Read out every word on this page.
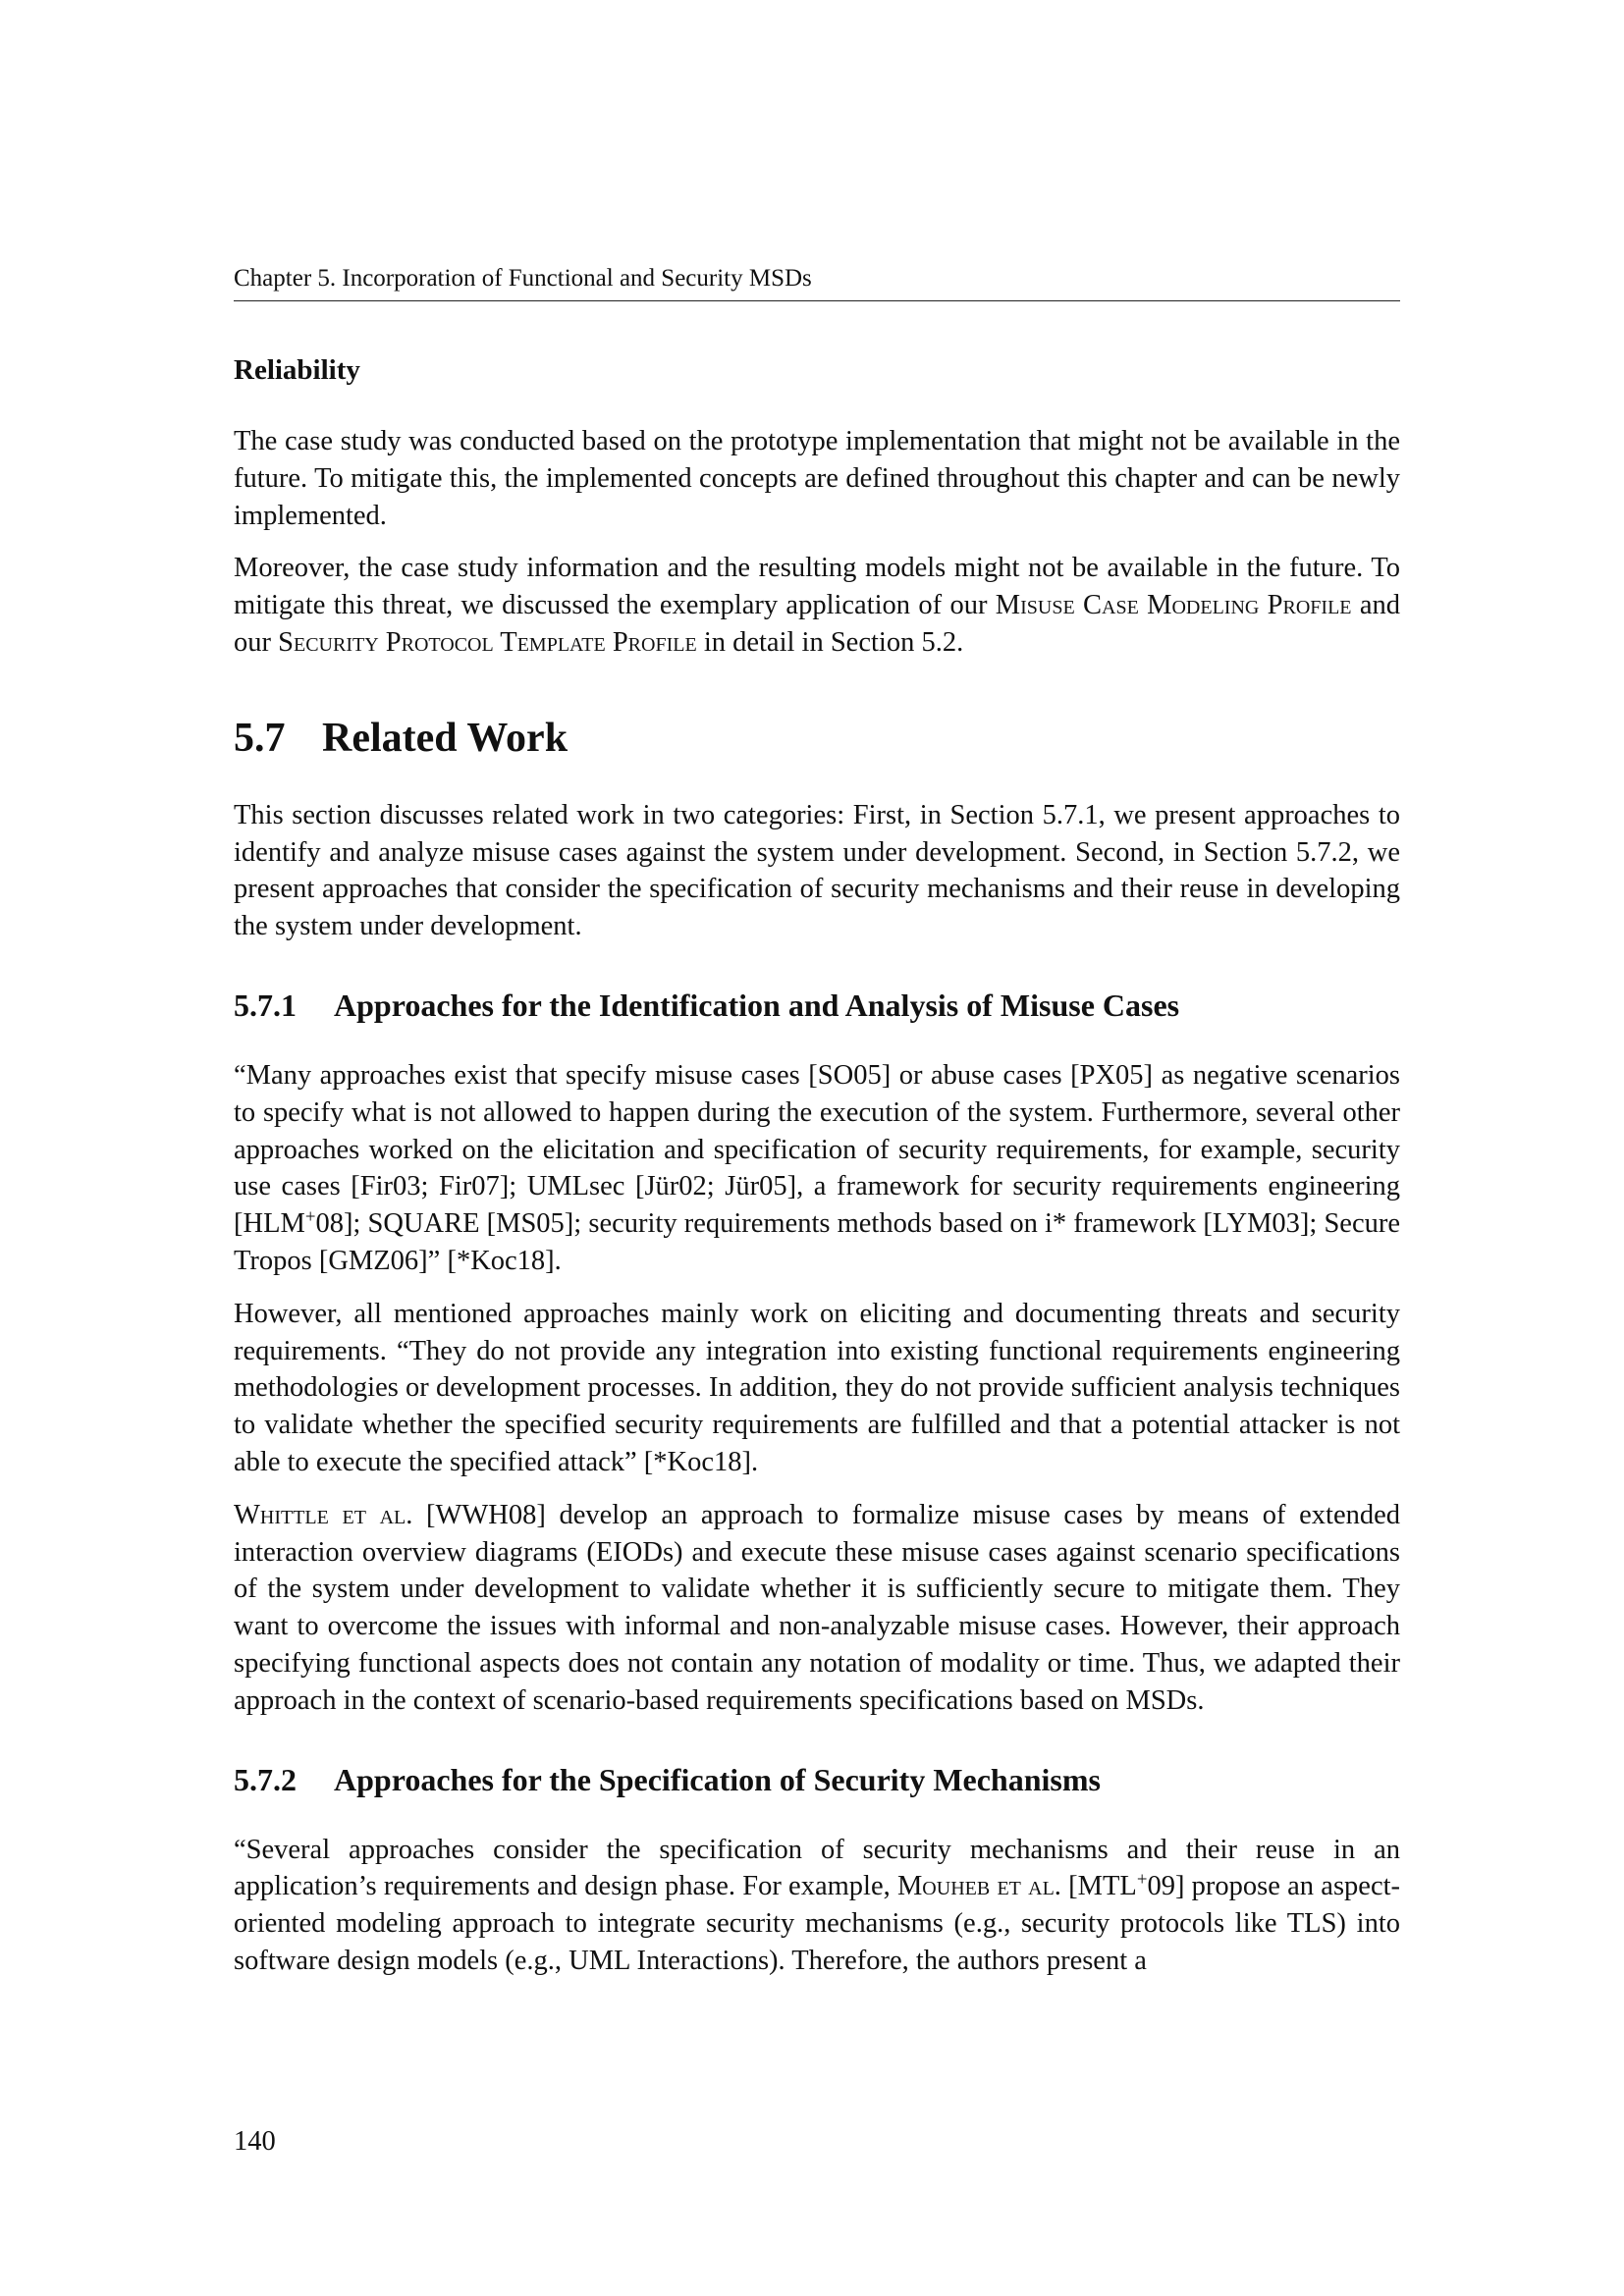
Chapter 5. Incorporation of Functional and Security MSDs
Reliability

The case study was conducted based on the prototype implementation that might not be available in the future. To mitigate this, the implemented concepts are defined throughout this chapter and can be newly implemented.

Moreover, the case study information and the resulting models might not be available in the future. To mitigate this threat, we discussed the exemplary application of our Misuse Case Modeling Profile and our Security Protocol Template Profile in detail in Section 5.2.

5.7 Related Work

This section discusses related work in two categories: First, in Section 5.7.1, we present approaches to identify and analyze misuse cases against the system under development. Second, in Section 5.7.2, we present approaches that consider the specification of security mechanisms and their reuse in developing the system under development.

5.7.1 Approaches for the Identification and Analysis of Misuse Cases

“Many approaches exist that specify misuse cases [SO05] or abuse cases [PX05] as negative scenarios to specify what is not allowed to happen during the execution of the system. Furthermore, several other approaches worked on the elicitation and specification of security requirements, for example, security use cases [Fir03; Fir07]; UMLsec [Jür02; Jür05], a framework for security requirements engineering [HLM+08]; SQUARE [MS05]; security requirements methods based on i* framework [LYM03]; Secure Tropos [GMZ06]” [*Koc18].

However, all mentioned approaches mainly work on eliciting and documenting threats and security requirements. “They do not provide any integration into existing functional requirements engineering methodologies or development processes. In addition, they do not provide sufficient analysis techniques to validate whether the specified security requirements are fulfilled and that a potential attacker is not able to execute the specified attack” [*Koc18].

Whittle et al. [WWH08] develop an approach to formalize misuse cases by means of extended interaction overview diagrams (EIODs) and execute these misuse cases against scenario specifications of the system under development to validate whether it is sufficiently secure to mitigate them. They want to overcome the issues with informal and non-analyzable misuse cases. However, their approach specifying functional aspects does not contain any notation of modality or time. Thus, we adapted their approach in the context of scenario-based requirements specifications based on MSDs.

5.7.2 Approaches for the Specification of Security Mechanisms

“Several approaches consider the specification of security mechanisms and their reuse in an application’s requirements and design phase. For example, Mouheb et al. [MTL+09] propose an aspect-oriented modeling approach to integrate security mechanisms (e.g., security protocols like TLS) into software design models (e.g., UML Interactions). Therefore, the authors present a

140
